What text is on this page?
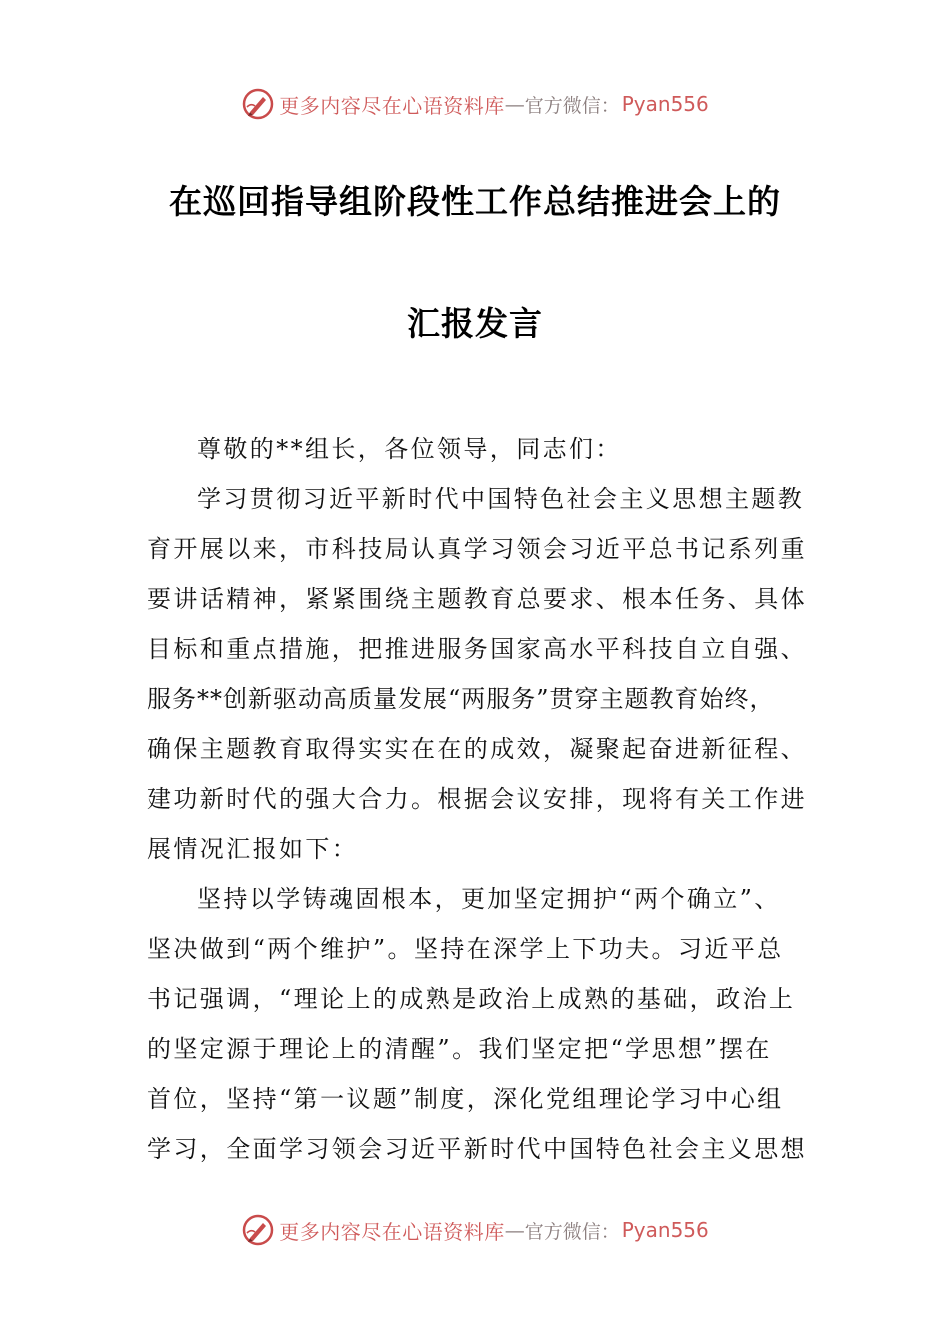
更多内容尽在心语资料库 — 官方微信： Pyan556
在巡回指导组阶段性工作总结推进会上的
汇报发言
尊敬的**组长，各位领导，同志们：
学习贯彻习近平新时代中国特色社会主义思想主题教
育开展以来，市科技局认真学习领会习近平总书记系列重
要讲话精神，紧紧围绕主题教育总要求、根本任务、具体
目标和重点措施，把推进服务国家高水平科技自立自强、
服务**创新驱动高质量发展“两服务”贯穿主题教育始终，
确保主题教育取得实实在在的成效，凝聚起奋进新征程、
建功新时代的强大合力。根据会议安排，现将有关工作进
展情况汇报如下：
坚持以学铸魂固根本，更加坚定拥护“两个确立”、
坚决做到“两个维护”。坚持在深学上下功夫。习近平总
书记强调，“理论上的成熟是政治上成熟的基础，政治上
的坚定源于理论上的清醒”。我们坚定把“学思想”摆在
首位，坚持“第一议题”制度，深化党组理论学习中心组
学习，全面学习领会习近平新时代中国特色社会主义思想
更多内容尽在心语资料库 — 官方微信： Pyan556
